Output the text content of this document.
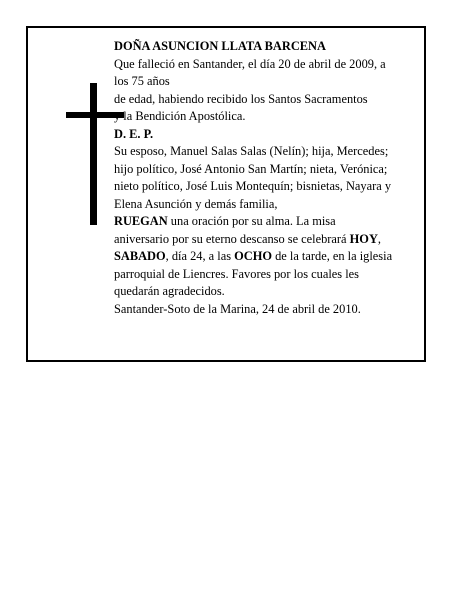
DOÑA ASUNCION LLATA BARCENA
Que falleció en Santander, el día 20 de abril de 2009, a
los 75 años
de edad, habiendo recibido los Santos Sacramentos
y la Bendición Apostólica.
D. E. P.
Su esposo, Manuel Salas Salas (Nelín); hija, Mercedes;
hijo político, José Antonio San Martín; nieta, Verónica;
nieto político, José Luis Montequín; bisnietas, Nayara y
Elena Asunción y demás familia,
RUEGAN una oración por su alma. La misa
aniversario por su eterno descanso se celebrará HOY,
SABADO, día 24, a las OCHO de la tarde, en la iglesia
parroquial de Liencres. Favores por los cuales les
quedarán agradecidos.
Santander-Soto de la Marina, 24 de abril de 2010.
